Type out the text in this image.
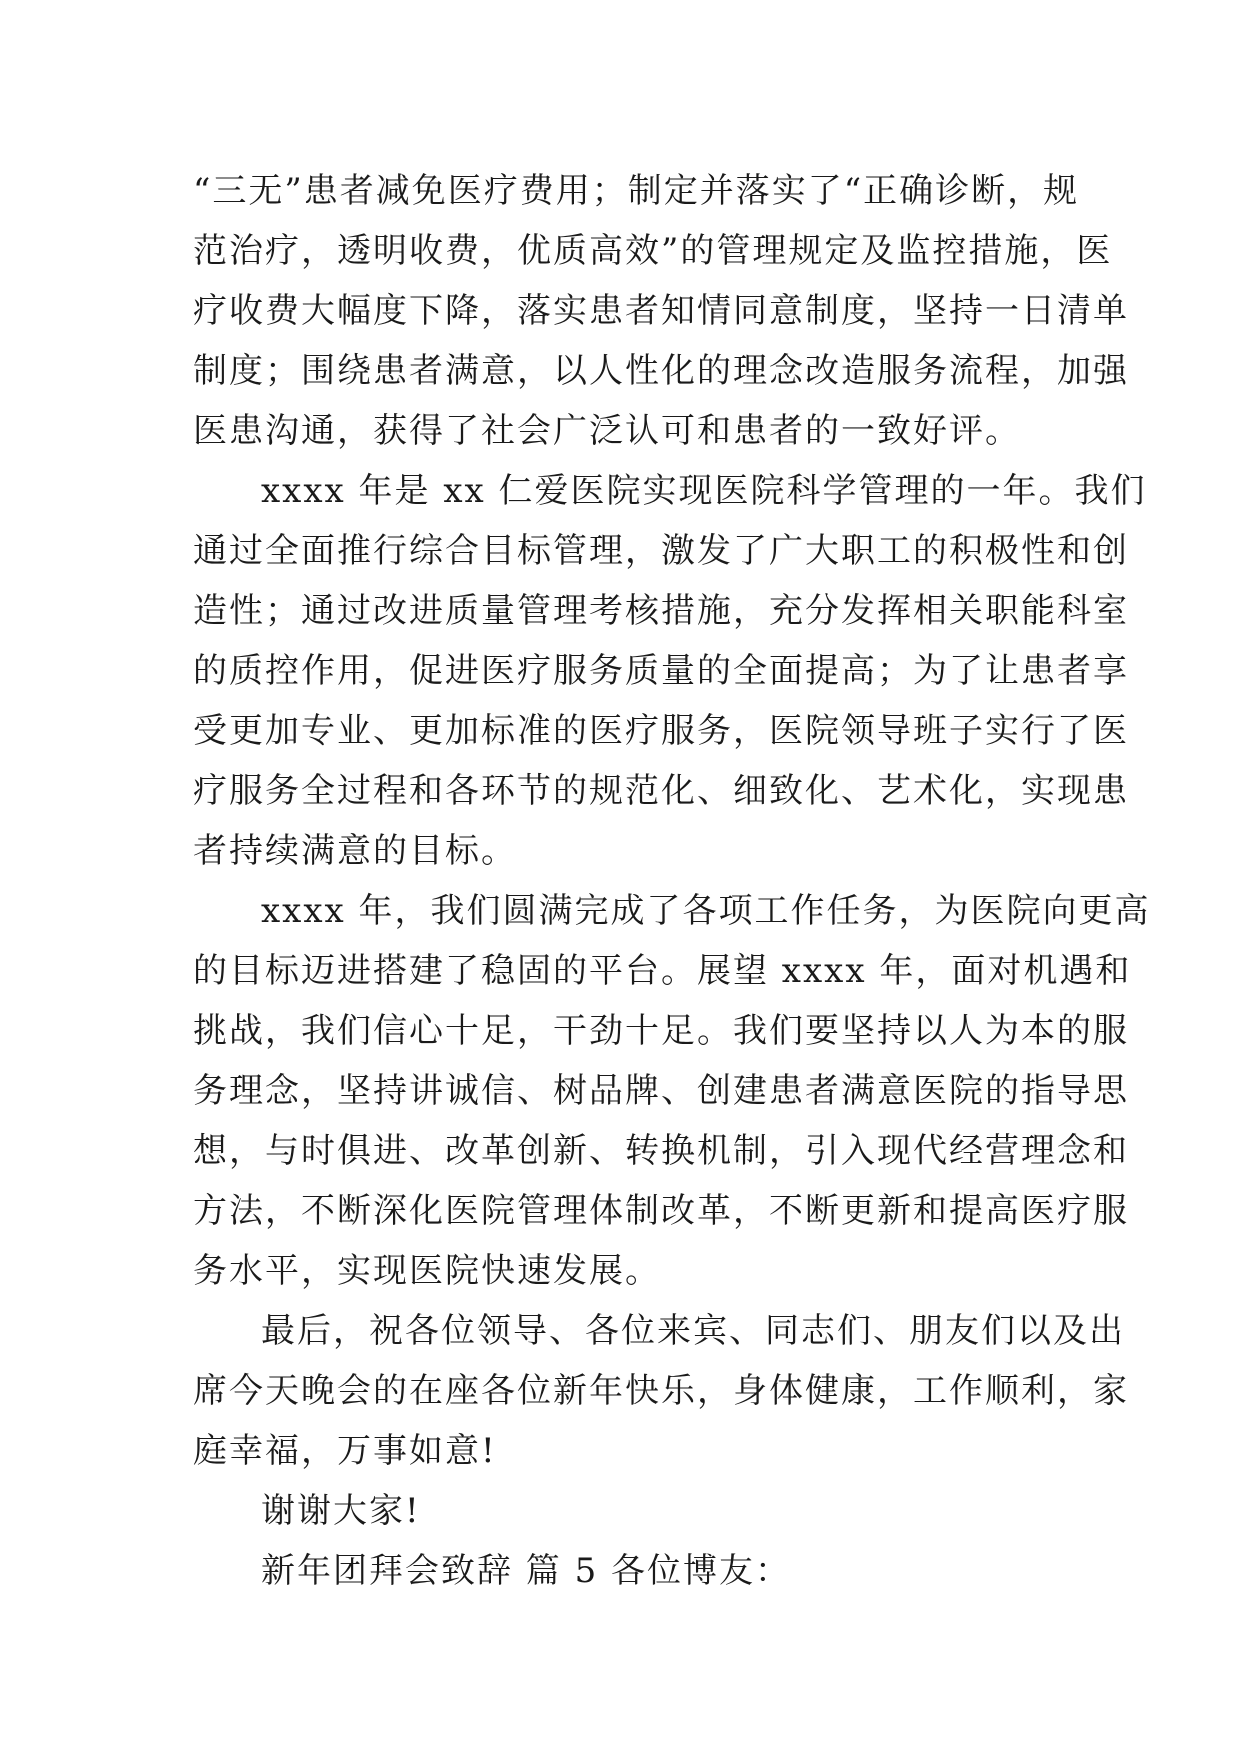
“三无”患者减免医疗费用；制定并落实了“正确诊断，规
范治疗，透明收费，优质高效”的管理规定及监控措施，医
疗收费大幅度下降，落实患者知情同意制度，坚持一日清单
制度；围绕患者满意，以人性化的理念改造服务流程，加强
医患沟通，获得了社会广泛认可和患者的一致好评。
xxxx 年是 xx 仁爱医院实现医院科学管理的一年。我们
通过全面推行综合目标管理，激发了广大职工的积极性和创
造性；通过改进质量管理考核措施，充分发挥相关职能科室
的质控作用，促进医疗服务质量的全面提高；为了让患者享
受更加专业、更加标准的医疗服务，医院领导班子实行了医
疗服务全过程和各环节的规范化、细致化、艺术化，实现患
者持续满意的目标。
xxxx 年，我们圆满完成了各项工作任务，为医院向更高
的目标迈进搭建了稳固的平台。展望 xxxx 年，面对机遇和
挑战，我们信心十足，干劲十足。我们要坚持以人为本的服
务理念，坚持讲诚信、树品牌、创建患者满意医院的指导思
想，与时俱进、改革创新、转换机制，引入现代经营理念和
方法，不断深化医院管理体制改革，不断更新和提高医疗服
务水平，实现医院快速发展。
最后，祝各位领导、各位来宾、同志们、朋友们以及出
席今天晚会的在座各位新年快乐，身体健康，工作顺利，家
庭幸福，万事如意!
谢谢大家!
新年团拜会致辞 篇 5 各位博友：
